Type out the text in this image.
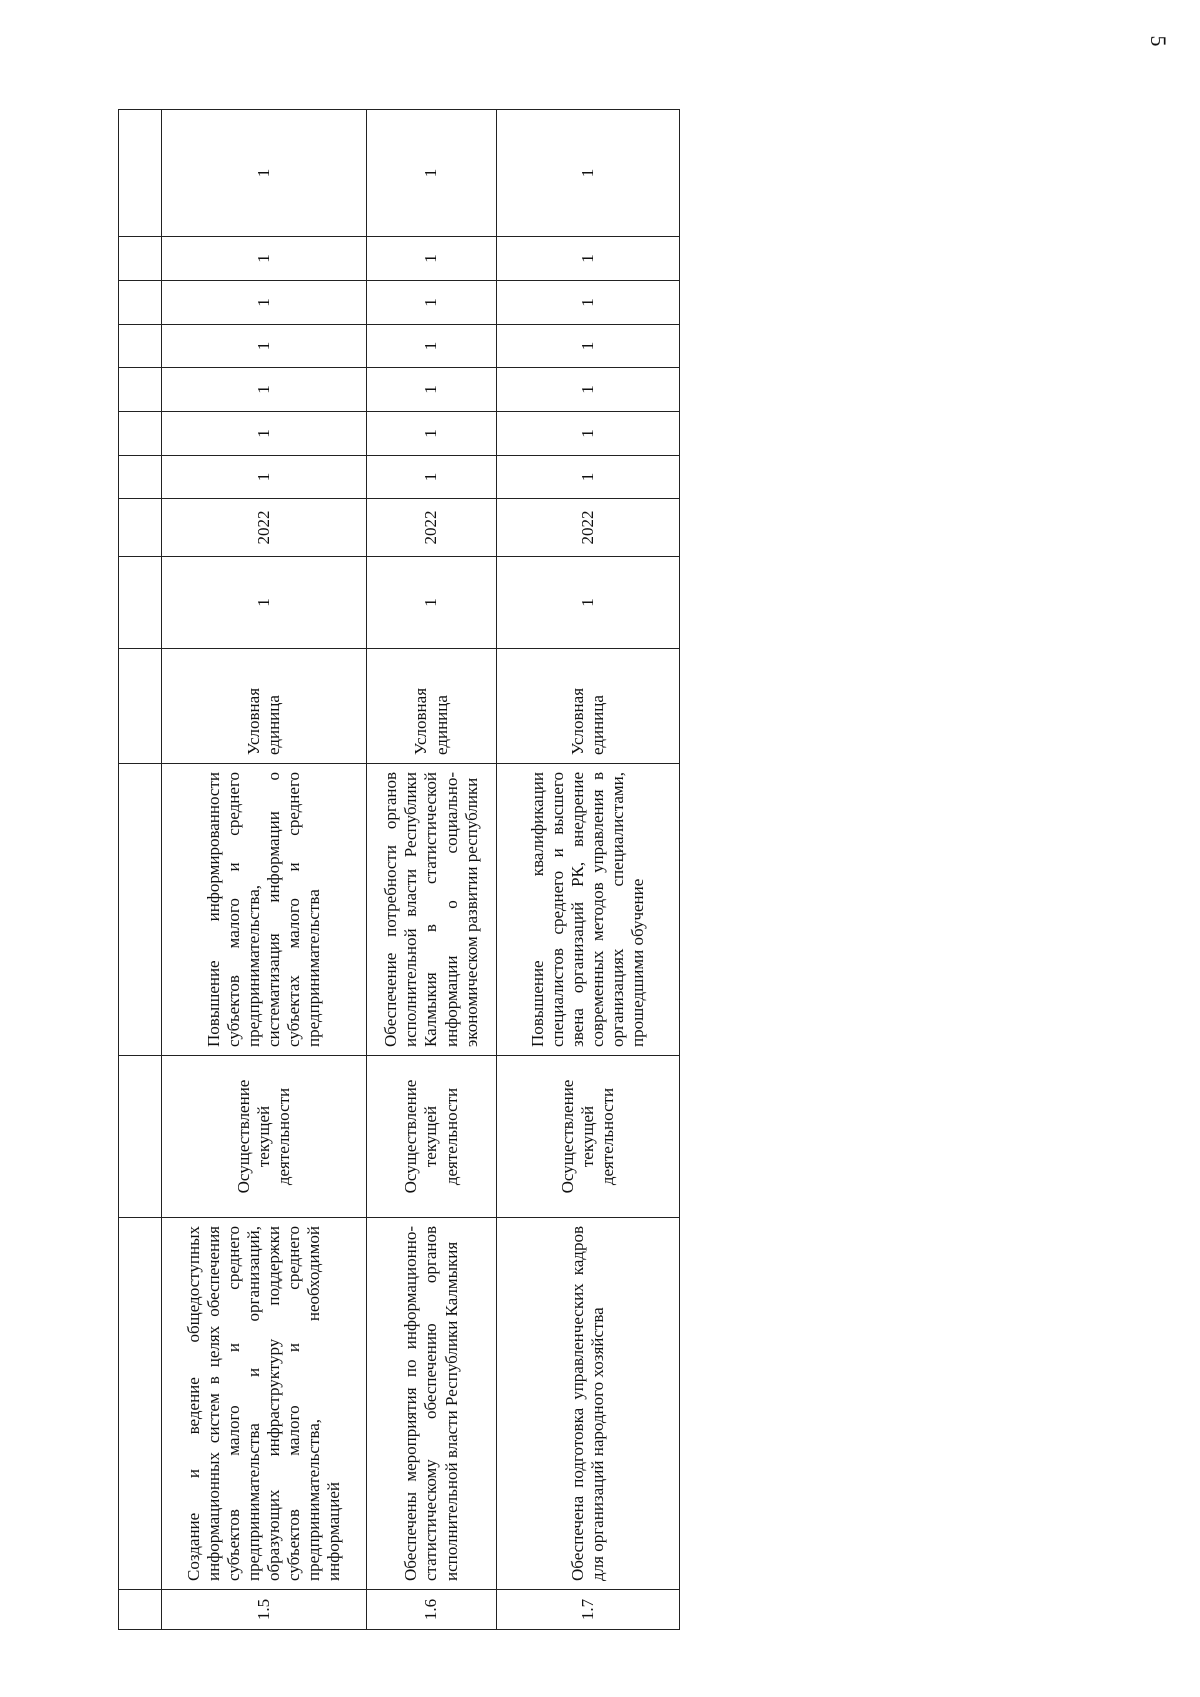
5

1.5	Создание и ведение общедоступных информационных систем в целях обеспечения субъектов малого и среднего предпринимательства и организаций, образующих инфраструктуру поддержки субъектов малого и среднего предпринимательства, необходимой информацией	Осуществление текущей деятельности	Повышение информированности субъектов малого и среднего предпринимательства, систематизация информации о субъектах малого и среднего предпринимательства	Условная единица	1	2022	1	1	1	1	1	1	1
1.6	Обеспечены мероприятия по информационно-статистическому обеспечению органов исполнительной власти Республики Калмыкия	Осуществление текущей деятельности	Обеспечение потребности органов исполнительной власти Республики Калмыкия в статистической информации о социально-экономическом развитии республики	Условная единица	1	2022	1	1	1	1	1	1	1
1.7	Обеспечена подготовка управленческих кадров для организаций народного хозяйства	Осуществление текущей деятельности	Повышение квалификации специалистов среднего и высшего звена организаций РК, внедрение современных методов управления в организациях специалистами, прошедшими обучение	Условная единица	1	2022	1	1	1	1	1	1	1
